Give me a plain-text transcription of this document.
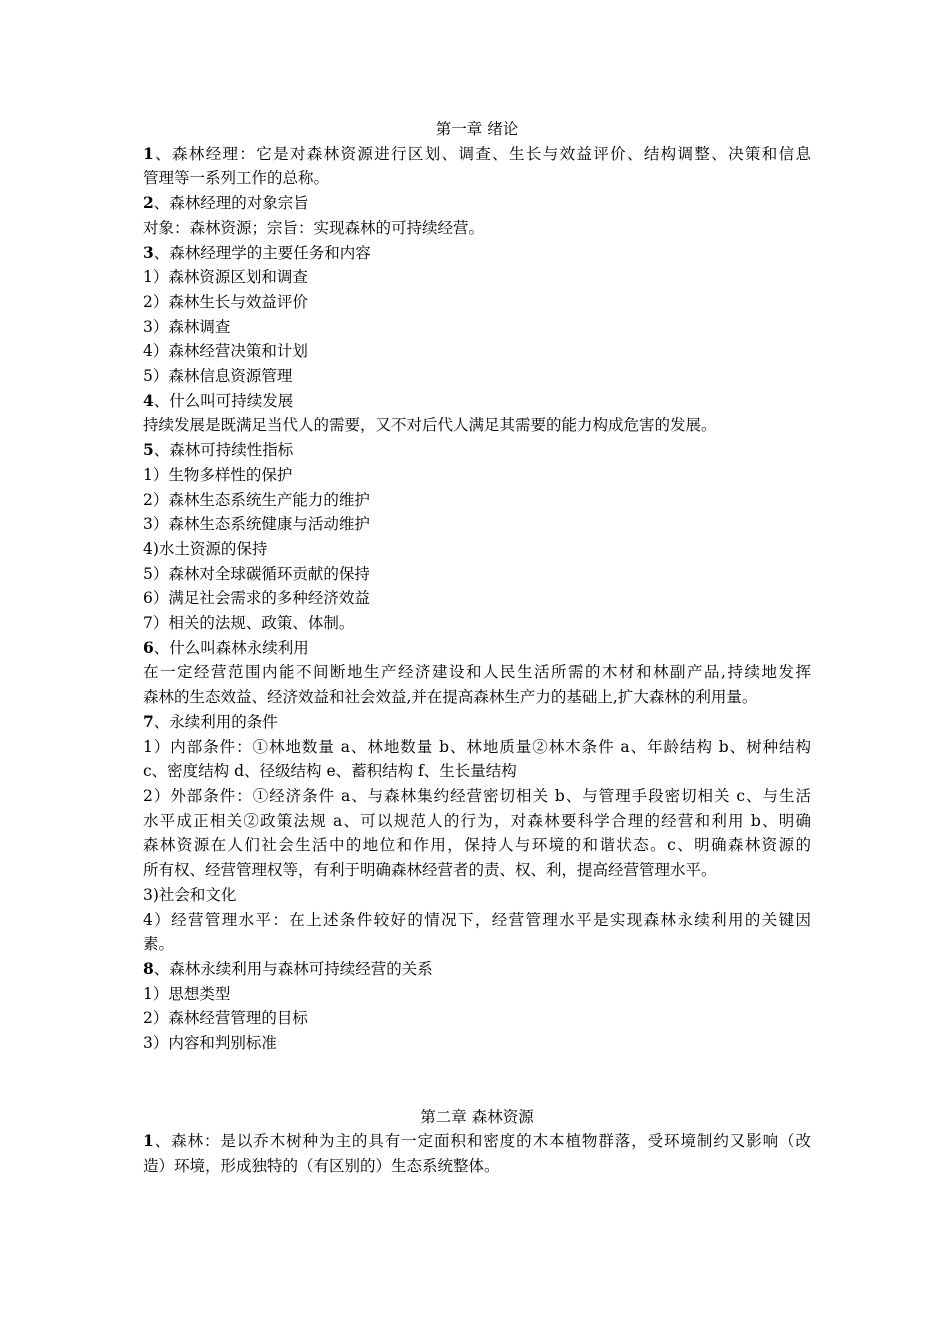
第一章 绪论
1、森林经理：它是对森林资源进行区划、调查、生长与效益评价、结构调整、决策和信息
管理等一系列工作的总称。
2、森林经理的对象宗旨
对象：森林资源；宗旨：实现森林的可持续经营。
3、森林经理学的主要任务和内容
1）森林资源区划和调查
2）森林生长与效益评价
3）森林调查
4）森林经营决策和计划
5）森林信息资源管理
4、什么叫可持续发展
持续发展是既满足当代人的需要，又不对后代人满足其需要的能力构成危害的发展。
5、森林可持续性指标
1）生物多样性的保护
2）森林生态系统生产能力的维护
3）森林生态系统健康与活动维护
4)水土资源的保持
5）森林对全球碳循环贡献的保持
6）满足社会需求的多种经济效益
7）相关的法规、政策、体制。
6、什么叫森林永续利用
在一定经营范围内能不间断地生产经济建设和人民生活所需的木材和林副产品,持续地发挥
森林的生态效益、经济效益和社会效益,并在提高森林生产力的基础上,扩大森林的利用量。
7、永续利用的条件
1）内部条件：①林地数量 a、林地数量 b、林地质量②林木条件 a、年龄结构 b、树种结构
c、密度结构 d、径级结构 e、蓄积结构 f、生长量结构
2）外部条件：①经济条件 a、与森林集约经营密切相关 b、与管理手段密切相关 c、与生活
水平成正相关②政策法规 a、可以规范人的行为，对森林要科学合理的经营和利用 b、明确
森林资源在人们社会生活中的地位和作用，保持人与环境的和谐状态。c、明确森林资源的
所有权、经营管理权等，有利于明确森林经营者的责、权、利，提高经营管理水平。
3)社会和文化
4）经营管理水平：在上述条件较好的情况下，经营管理水平是实现森林永续利用的关键因
素。
8、森林永续利用与森林可持续经营的关系
1）思想类型
2）森林经营管理的目标
3）内容和判别标准
第二章 森林资源
1、森林：是以乔木树种为主的具有一定面积和密度的木本植物群落，受环境制约又影响（改
造）环境，形成独特的（有区别的）生态系统整体。
